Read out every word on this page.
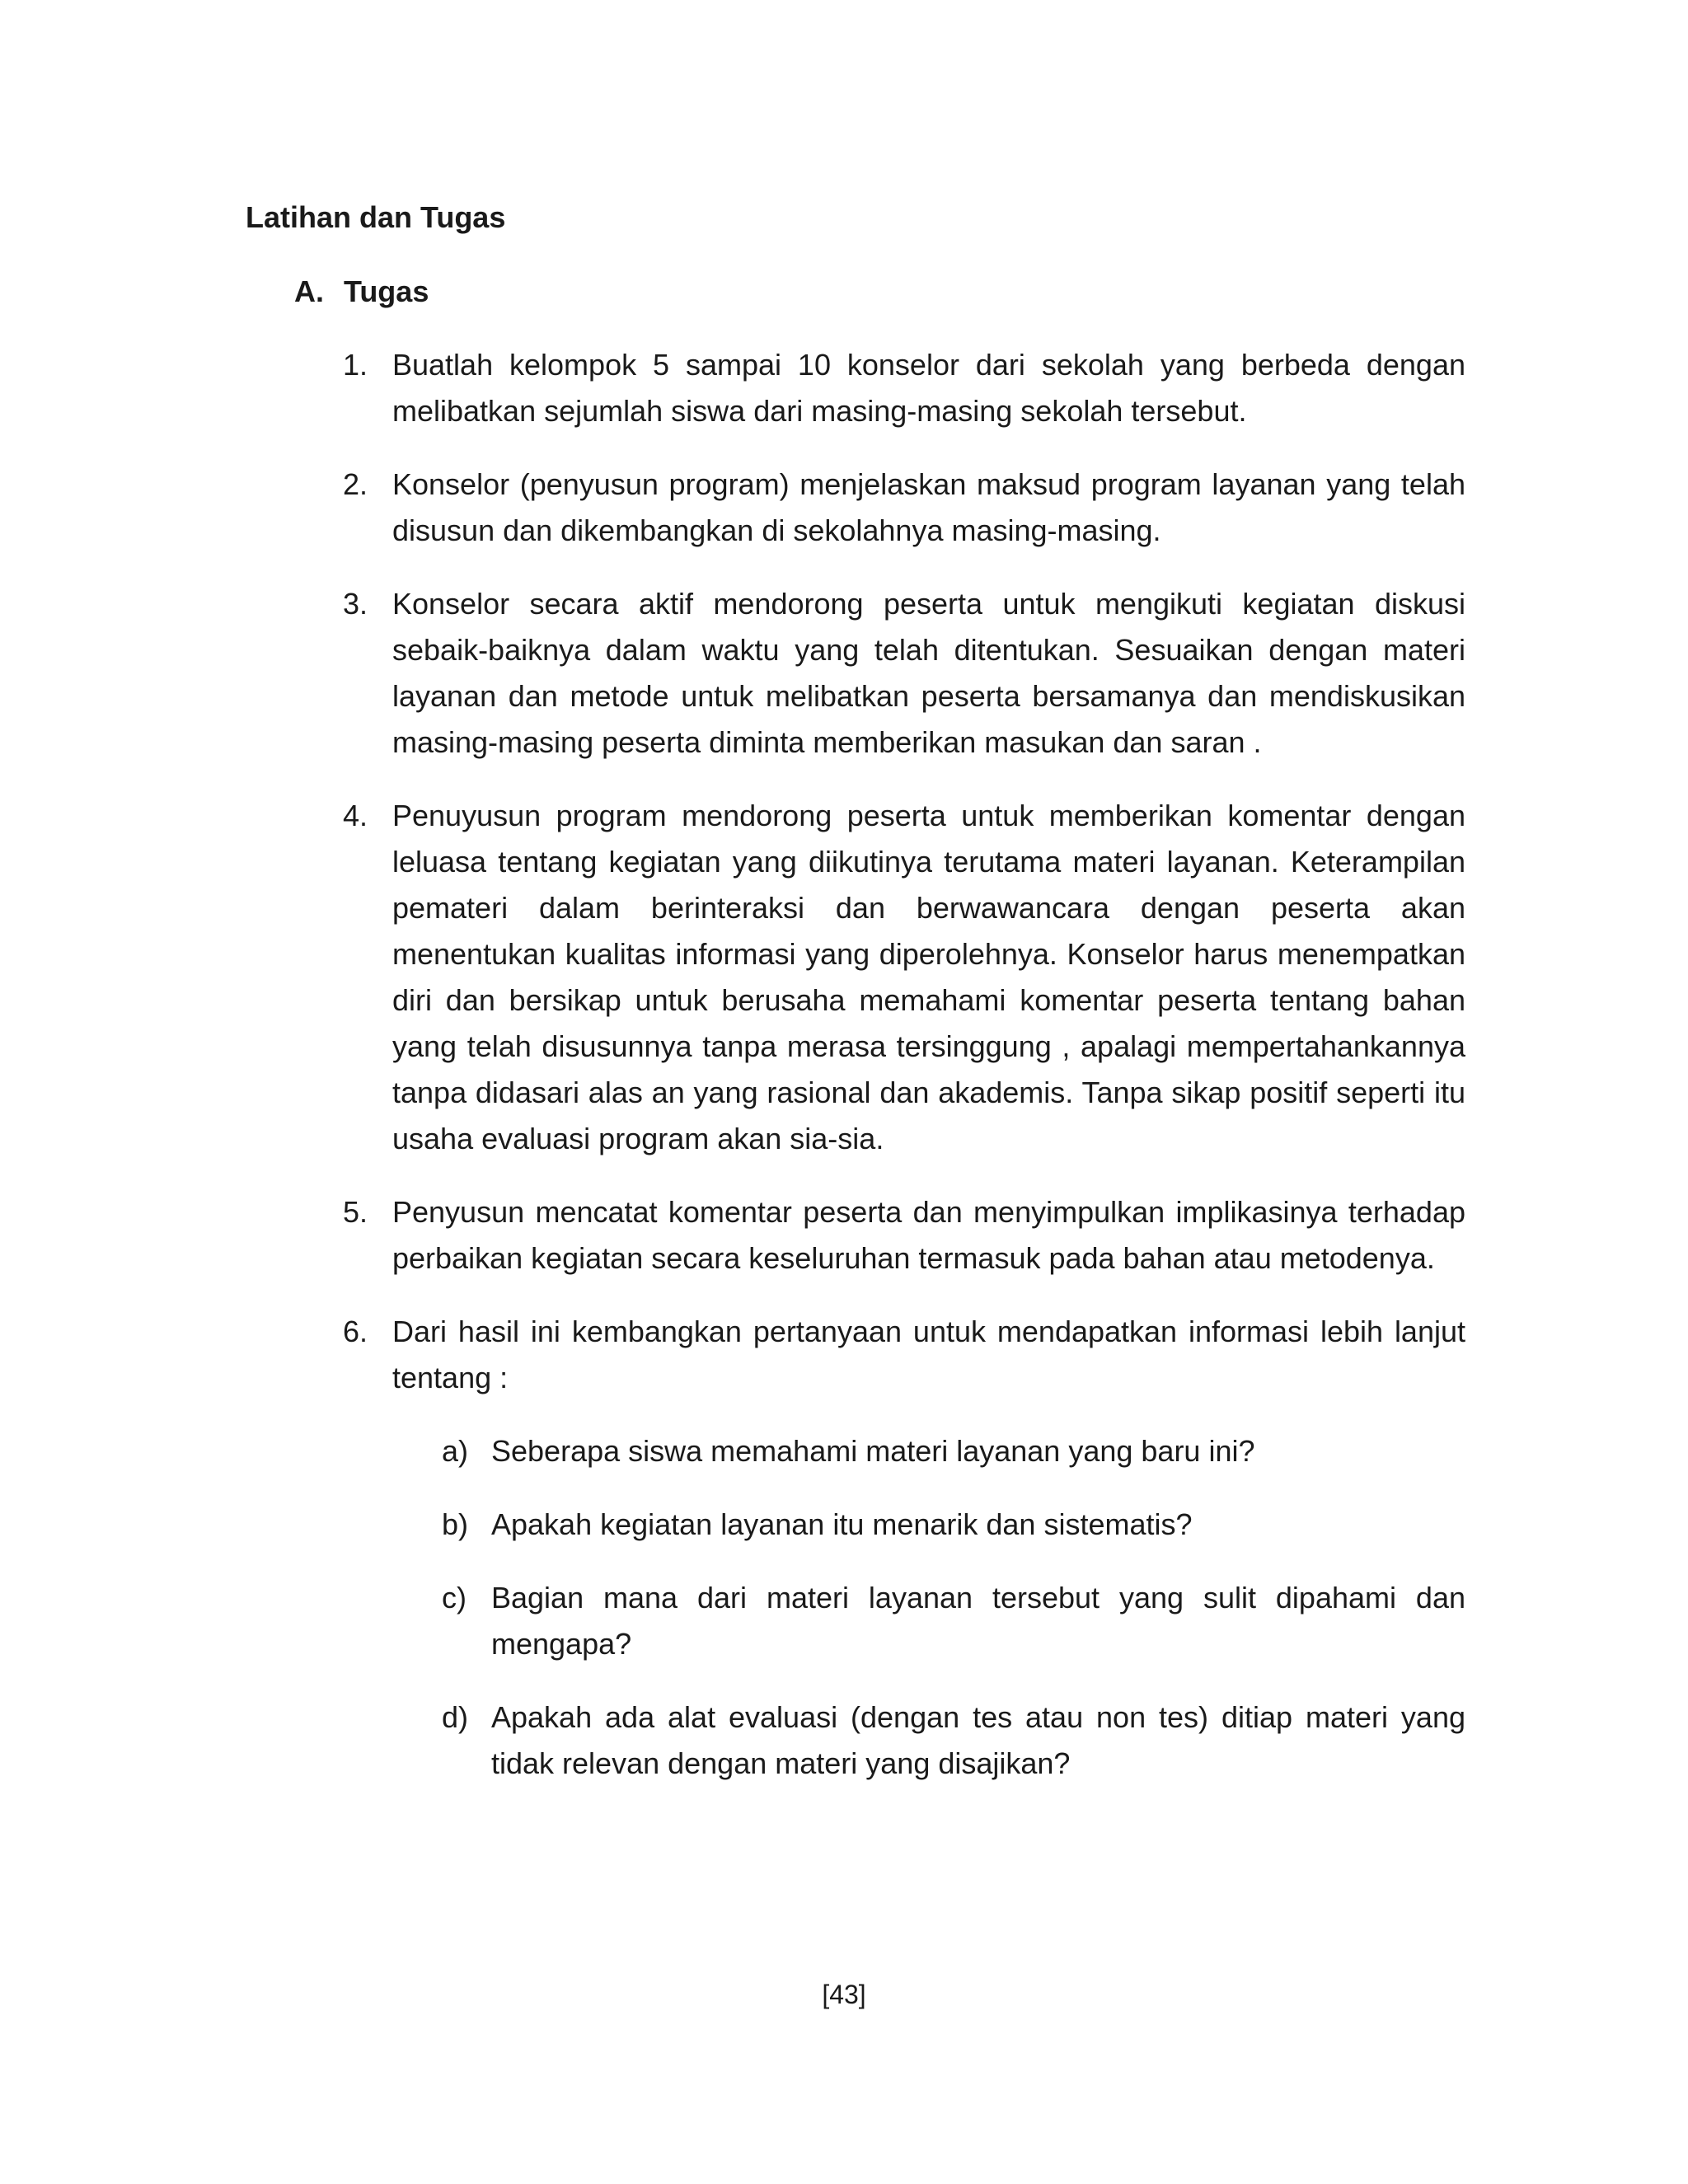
Latihan dan Tugas
A. Tugas
1. Buatlah kelompok 5 sampai 10 konselor dari sekolah yang berbeda dengan melibatkan sejumlah siswa dari masing-masing sekolah tersebut.
2. Konselor (penyusun program) menjelaskan maksud program layanan yang telah disusun dan dikembangkan di sekolahnya masing-masing.
3. Konselor secara aktif mendorong peserta untuk mengikuti kegiatan diskusi sebaik-baiknya dalam waktu yang telah ditentukan. Sesuaikan dengan materi layanan dan metode untuk melibatkan peserta bersamanya dan mendiskusikan masing-masing peserta diminta memberikan masukan dan saran .
4. Penuyusun program mendorong peserta untuk memberikan komentar dengan leluasa tentang kegiatan yang diikutinya terutama materi layanan. Keterampilan pemateri dalam berinteraksi dan berwawancara dengan peserta akan menentukan kualitas informasi yang diperolehnya. Konselor harus menempatkan diri dan bersikap untuk berusaha memahami komentar peserta tentang bahan yang telah disusunnya tanpa merasa tersinggung , apalagi mempertahankannya tanpa didasari alas an yang rasional dan akademis. Tanpa sikap positif seperti itu usaha evaluasi program akan sia-sia.
5. Penyusun mencatat komentar peserta dan menyimpulkan implikasinya terhadap perbaikan kegiatan secara keseluruhan termasuk pada bahan atau metodenya.
6. Dari hasil ini kembangkan pertanyaan untuk mendapatkan informasi lebih lanjut tentang :
a) Seberapa siswa memahami materi layanan yang baru ini?
b) Apakah kegiatan layanan itu menarik dan sistematis?
c) Bagian mana dari materi layanan tersebut yang sulit dipahami dan mengapa?
d) Apakah ada alat evaluasi (dengan tes atau non tes) ditiap materi yang tidak relevan dengan materi yang disajikan?
[43]
